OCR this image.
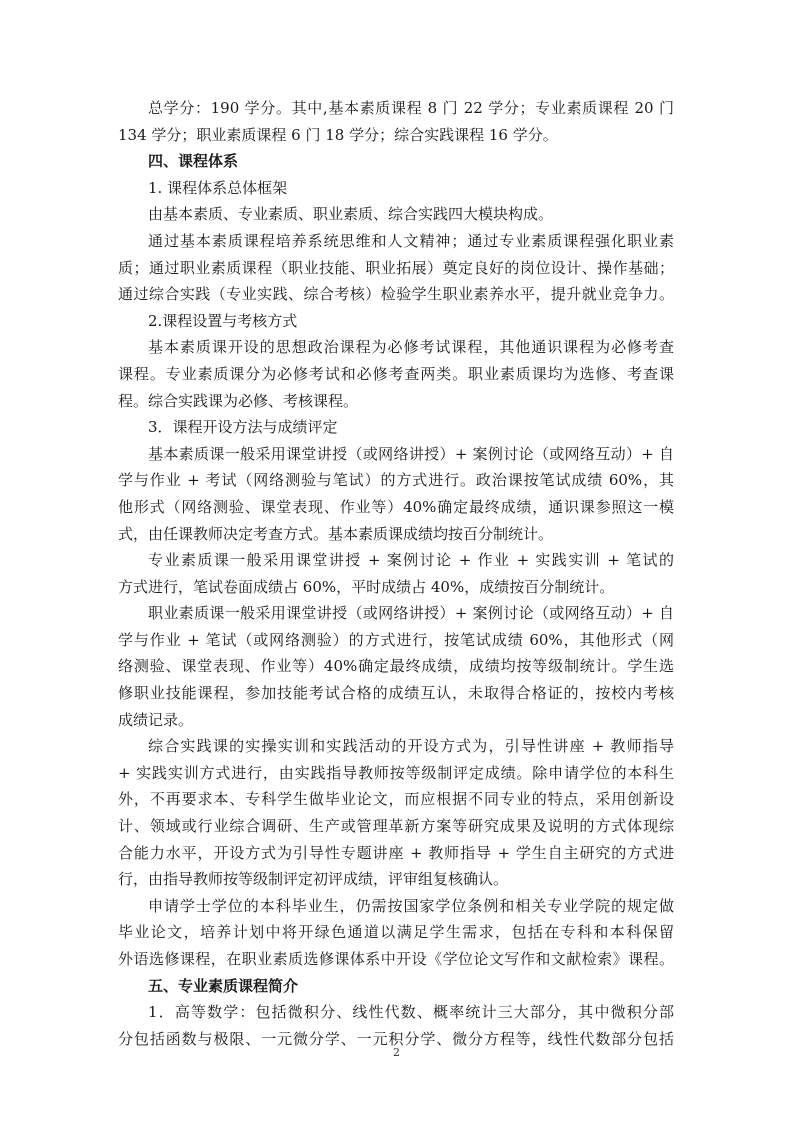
总学分：190 学分。其中,基本素质课程 8 门 22 学分；专业素质课程 20 门
134 学分；职业素质课程 6 门 18 学分；综合实践课程 16 学分。
四、课程体系
1. 课程体系总体框架
由基本素质、专业素质、职业素质、综合实践四大模块构成。
通过基本素质课程培养系统思维和人文精神；通过专业素质课程强化职业素
质；通过职业素质课程（职业技能、职业拓展）奠定良好的岗位设计、操作基础；
通过综合实践（专业实践、综合考核）检验学生职业素养水平，提升就业竞争力。
2.课程设置与考核方式
基本素质课开设的思想政治课程为必修考试课程，其他通识课程为必修考查
课程。专业素质课分为必修考试和必修考查两类。职业素质课均为选修、考查课
程。综合实践课为必修、考核课程。
3．课程开设方法与成绩评定
基本素质课一般采用课堂讲授（或网络讲授）+ 案例讨论（或网络互动）+ 自
学与作业 + 考试（网络测验与笔试）的方式进行。政治课按笔试成绩 60%，其
他形式（网络测验、课堂表现、作业等）40%确定最终成绩，通识课参照这一模
式，由任课教师决定考查方式。基本素质课成绩均按百分制统计。
专业素质课一般采用课堂讲授 + 案例讨论 + 作业 + 实践实训 + 笔试的
方式进行，笔试卷面成绩占 60%，平时成绩占 40%，成绩按百分制统计。
职业素质课一般采用课堂讲授（或网络讲授）+ 案例讨论（或网络互动）+ 自
学与作业 + 笔试（或网络测验）的方式进行，按笔试成绩 60%，其他形式（网
络测验、课堂表现、作业等）40%确定最终成绩，成绩均按等级制统计。学生选
修职业技能课程，参加技能考试合格的成绩互认，未取得合格证的，按校内考核
成绩记录。
综合实践课的实操实训和实践活动的开设方式为，引导性讲座 + 教师指导
+ 实践实训方式进行，由实践指导教师按等级制评定成绩。除申请学位的本科生
外，不再要求本、专科学生做毕业论文，而应根据不同专业的特点，采用创新设
计、领域或行业综合调研、生产或管理革新方案等研究成果及说明的方式体现综
合能力水平，开设方式为引导性专题讲座 + 教师指导 + 学生自主研究的方式进
行，由指导教师按等级制评定初评成绩，评审组复核确认。
申请学士学位的本科毕业生，仍需按国家学位条例和相关专业学院的规定做
毕业论文，培养计划中将开绿色通道以满足学生需求，包括在专科和本科保留
外语选修课程，在职业素质选修课体系中开设《学位论文写作和文献检索》课程。
五、专业素质课程简介
1．高等数学：包括微积分、线性代数、概率统计三大部分，其中微积分部
分包括函数与极限、一元微分学、一元积分学、微分方程等，线性代数部分包括
2
